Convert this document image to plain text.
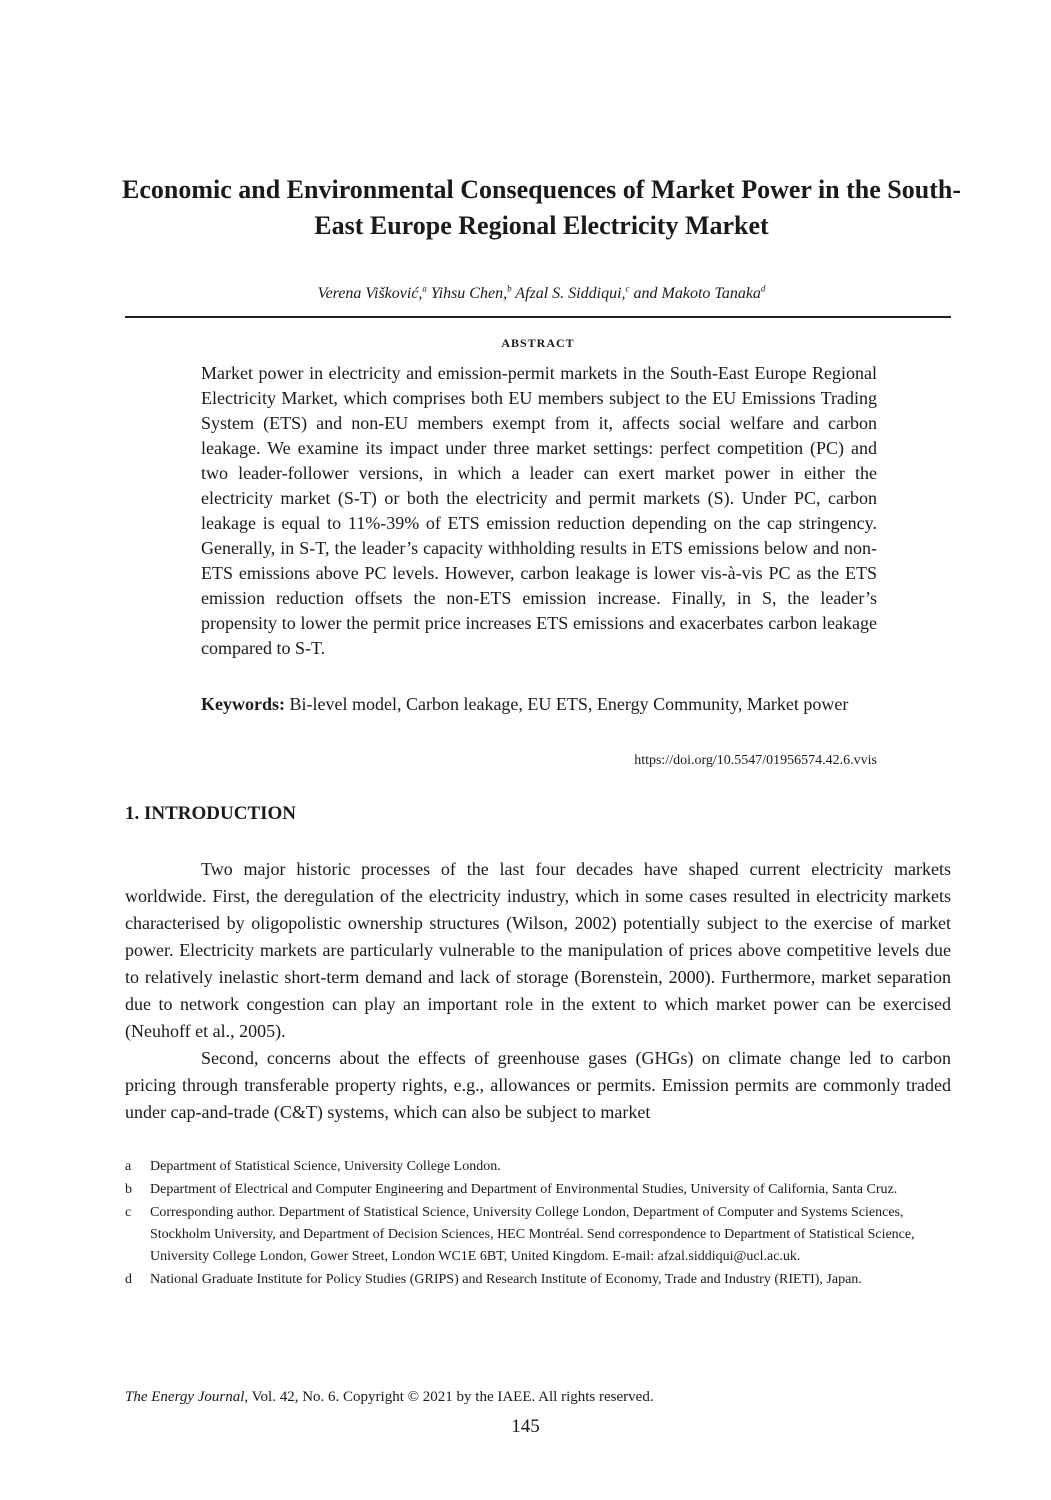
Economic and Environmental Consequences of Market Power in the South-East Europe Regional Electricity Market
Verena Višković,$^a$ Yihsu Chen,$^b$ Afzal S. Siddiqui,$^c$ and Makoto Tanaka$^d$
ABSTRACT

Market power in electricity and emission-permit markets in the South-East Europe Regional Electricity Market, which comprises both EU members subject to the EU Emissions Trading System (ETS) and non-EU members exempt from it, affects social welfare and carbon leakage. We examine its impact under three market settings: perfect competition (PC) and two leader-follower versions, in which a leader can exert market power in either the electricity market (S-T) or both the electricity and permit markets (S). Under PC, carbon leakage is equal to 11%-39% of ETS emission reduction depending on the cap stringency. Generally, in S-T, the leader’s capacity withholding results in ETS emissions below and non-ETS emissions above PC levels. However, carbon leakage is lower vis-à-vis PC as the ETS emission reduction offsets the non-ETS emission increase. Finally, in S, the leader’s propensity to lower the permit price increases ETS emissions and exacerbates carbon leakage compared to S-T.

Keywords: Bi-level model, Carbon leakage, EU ETS, Energy Community, Market power

https://doi.org/10.5547/01956574.42.6.vvis
1. INTRODUCTION

Two major historic processes of the last four decades have shaped current electricity markets worldwide. First, the deregulation of the electricity industry, which in some cases resulted in electricity markets characterised by oligopolistic ownership structures (Wilson, 2002) potentially subject to the exercise of market power. Electricity markets are particularly vulnerable to the manipulation of prices above competitive levels due to relatively inelastic short-term demand and lack of storage (Borenstein, 2000). Furthermore, market separation due to network congestion can play an important role in the extent to which market power can be exercised (Neuhoff et al., 2005).

Second, concerns about the effects of greenhouse gases (GHGs) on climate change led to carbon pricing through transferable property rights, e.g., allowances or permits. Emission permits are commonly traded under cap-and-trade (C&T) systems, which can also be subject to market

a	Department of Statistical Science, University College London.
b	Department of Electrical and Computer Engineering and Department of Environmental Studies, University of California, Santa Cruz.
c	Corresponding author. Department of Statistical Science, University College London, Department of Computer and Systems Sciences, Stockholm University, and Department of Decision Sciences, HEC Montréal. Send correspondence to Department of Statistical Science, University College London, Gower Street, London WC1E 6BT, United Kingdom. E-mail: afzal.siddiqui@ucl.ac.uk.
d	National Graduate Institute for Policy Studies (GRIPS) and Research Institute of Economy, Trade and Industry (RIETI), Japan.
The Energy Journal, Vol. 42, No. 6. Copyright © 2021 by the IAEE. All rights reserved.
145
